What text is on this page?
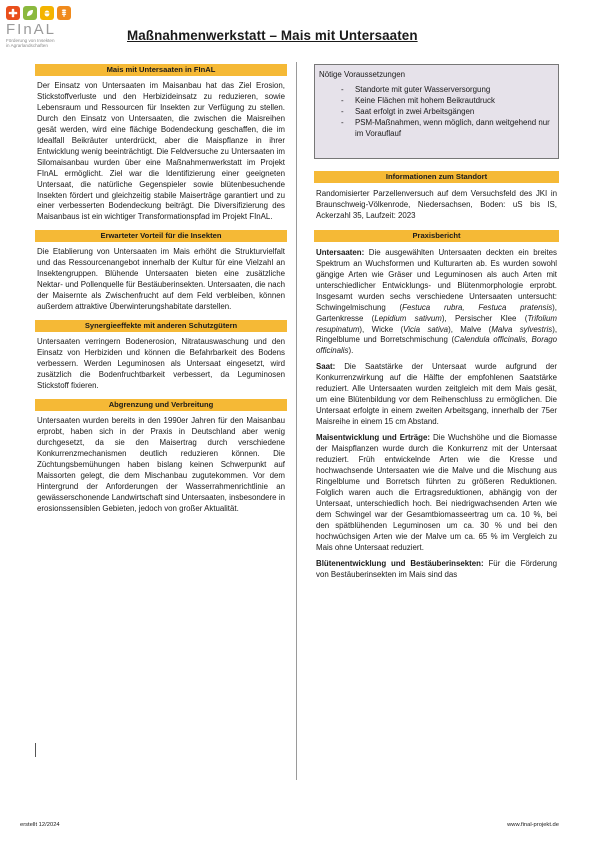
FInAL
Förderung von Insekten
in Agrarlandschaften
Maßnahmenwerkstatt – Mais mit Untersaaten
Mais mit Untersaaten in FInAL
Der Einsatz von Untersaaten im Maisanbau hat das Ziel Erosion, Stickstoffverluste und den Herbizideinsatz zu reduzieren, sowie Lebensraum und Ressourcen für Insekten zur Verfügung zu stellen. Durch den Einsatz von Untersaaten, die zwischen die Maisreihen gesät werden, wird eine flächige Bodendeckung geschaffen, die im Idealfall Beikräuter unterdrückt, aber die Maispflanze in ihrer Entwicklung wenig beeinträchtigt. Die Feldversuche zu Untersaaten im Silomaisanbau wurden über eine Maßnahmenwerkstatt im Projekt FInAL ermöglicht. Ziel war die Identifizierung einer geeigneten Untersaat, die natürliche Gegenspieler sowie blütenbesuchende Insekten fördert und gleichzeitig stabile Maiserträge garantiert und zu einer verbesserten Bodendeckung beiträgt. Die Diversifizierung des Maisanbaus ist ein wichtiger Transformationspfad im Projekt FInAL.
Erwarteter Vorteil für die Insekten
Die Etablierung von Untersaaten im Mais erhöht die Strukturvielfalt und das Ressourcenangebot innerhalb der Kultur für eine Vielzahl an Insektengruppen. Blühende Untersaaten bieten eine zusätzliche Nektar- und Pollenquelle für Bestäuberinsekten. Untersaaten, die nach der Maisernte als Zwischenfrucht auf dem Feld verbleiben, können außerdem attraktive Überwinterungshabitate darstellen.
Synergieeffekte mit anderen Schutzgütern
Untersaaten verringern Bodenerosion, Nitratauswaschung und den Einsatz von Herbiziden und können die Befahrbarkeit des Bodens verbessern. Werden Leguminosen als Untersaat eingesetzt, wird zusätzlich die Bodenfruchtbarkeit verbessert, da Leguminosen Stickstoff fixieren.
Abgrenzung und Verbreitung
Untersaaten wurden bereits in den 1990er Jahren für den Maisanbau erprobt, haben sich in der Praxis in Deutschland aber wenig durchgesetzt, da sie den Maisertrag durch verschiedene Konkurrenzmechanismen deutlich reduzieren können. Die Züchtungsbemühungen haben bislang keinen Schwerpunkt auf Maissorten gelegt, die dem Mischanbau zugutekommen. Vor dem Hintergrund der Anforderungen der Wasserrahmenrichtlinie an gewässerschonende Landwirtschaft sind Untersaaten, insbesondere in erosionssensiblen Gebieten, jedoch von großer Aktualität.
Nötige Voraussetzungen
- Standorte mit guter Wasserversorgung
- Keine Flächen mit hohem Beikrautdruck
- Saat erfolgt in zwei Arbeitsgängen
- PSM-Maßnahmen, wenn möglich, dann weitgehend nur im Vorauflauf
Informationen zum Standort
Randomisierter Parzellenversuch auf dem Versuchsfeld des JKI in Braunschweig-Völkenrode, Niedersachsen, Boden: uS bis lS, Ackerzahl 35, Laufzeit: 2023
Praxisbericht

Untersaaten: Die ausgewählten Untersaaten deckten ein breites Spektrum an Wuchsformen und Kulturarten ab. Es wurden sowohl gängige Arten wie Gräser und Leguminosen als auch Arten mit unterschiedlicher Entwicklungs- und Blütenmorphologie erprobt. Insgesamt wurden sechs verschiedene Untersaaten untersucht: Schwingelmischung (Festuca rubra, Festuca pratensis), Gartenkresse (Lepidium sativum), Persischer Klee (Trifolium resupinatum), Wicke (Vicia sativa), Malve (Malva sylvestris), Ringelblume und Borretschmischung (Calendula officinalis, Borago officinalis).

Saat: Die Saatstärke der Untersaat wurde aufgrund der Konkurrenzwirkung auf die Hälfte der empfohlenen Saatstärke reduziert. Alle Untersaaten wurden zeitgleich mit dem Mais gesät, um eine Blütenbildung vor dem Reihenschluss zu ermöglichen. Die Untersaat erfolgte in einem zweiten Arbeitsgang, innerhalb der 75er Maisreihe in einem 15 cm Abstand.

Maisentwicklung und Erträge: Die Wuchshöhe und die Biomasse der Maispflanzen wurde durch die Konkurrenz mit der Untersaat reduziert. Früh entwickelnde Arten wie die Kresse und hochwachsende Untersaaten wie die Malve und die Mischung aus Ringelblume und Borretsch führten zu größeren Reduktionen. Folglich waren auch die Ertragsreduktionen, abhängig von der Untersaat, unterschiedlich hoch. Bei niedrigwachsenden Arten wie dem Schwingel war der Gesamtbiomasseertrag um ca. 10 %, bei den spätblühenden Leguminosen um ca. 30 % und bei den hochwüchsigen Arten wie der Malve um ca. 65 % im Vergleich zu Mais ohne Untersaat reduziert.

Blütenentwicklung und Bestäuberinsekten: Für die Förderung von Bestäuberinsekten im Mais sind das

erstellt 12/2024	www.final-projekt.de
